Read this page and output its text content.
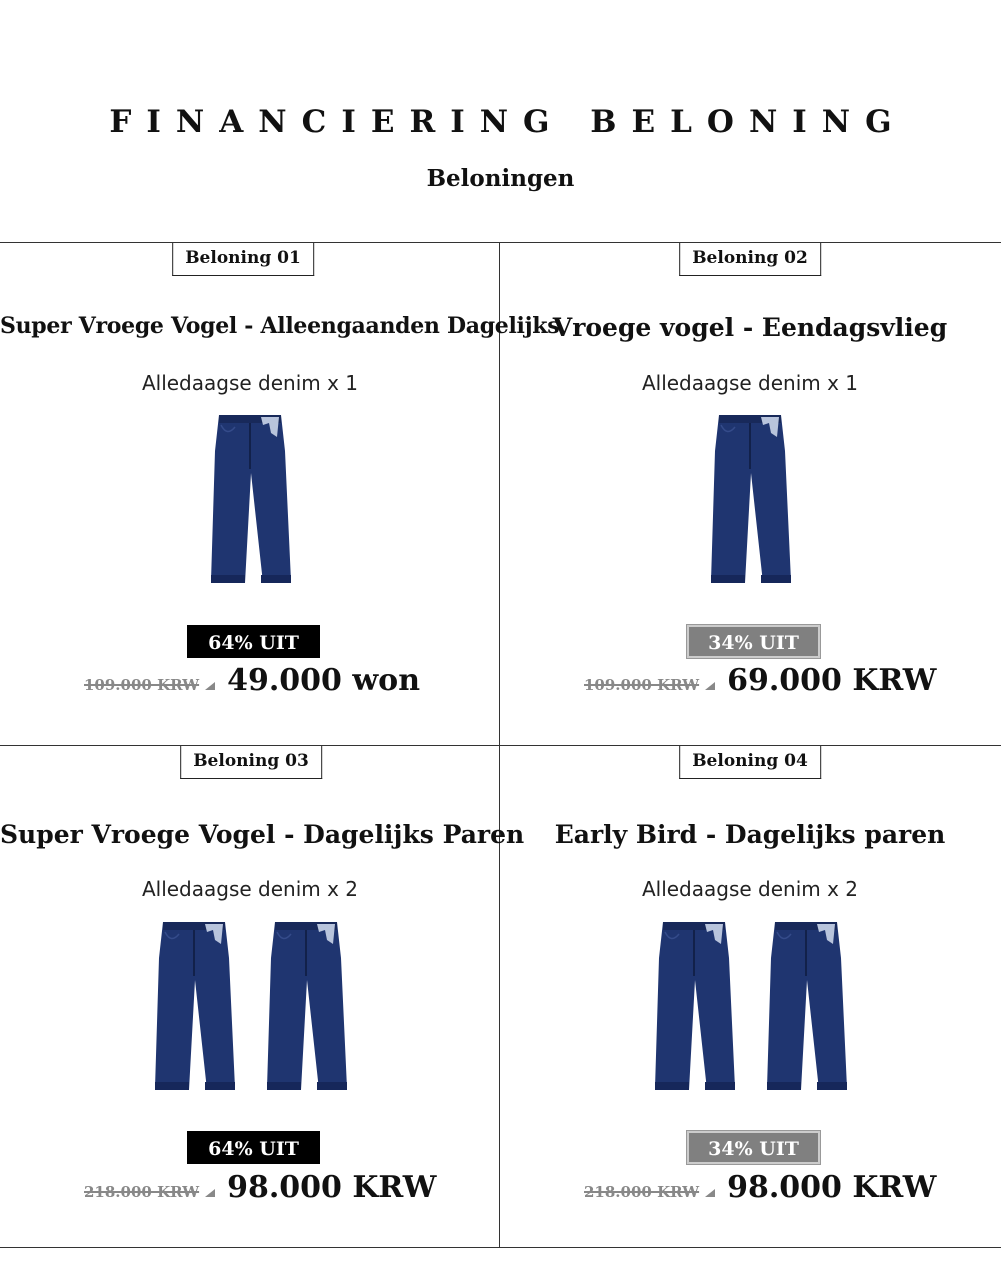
FINANCIERING BELONING
Beloningen
Beloning 01
Super Vroege Vogel - Alleengaanden Dagelijks
Alledaagse denim x 1
64% UIT
109.000 KRW 49.000 won
Beloning 02
Vroege vogel - Eendagsvlieg
Alledaagse denim x 1
34% UIT
109.000 KRW 69.000 KRW
Beloning 03
Super Vroege Vogel - Dagelijks Paren
Alledaagse denim x 2
64% UIT
218.000 KRW 98.000 KRW
Beloning 04
Early Bird - Dagelijks paren
Alledaagse denim x 2
34% UIT
218.000 KRW 98.000 KRW
